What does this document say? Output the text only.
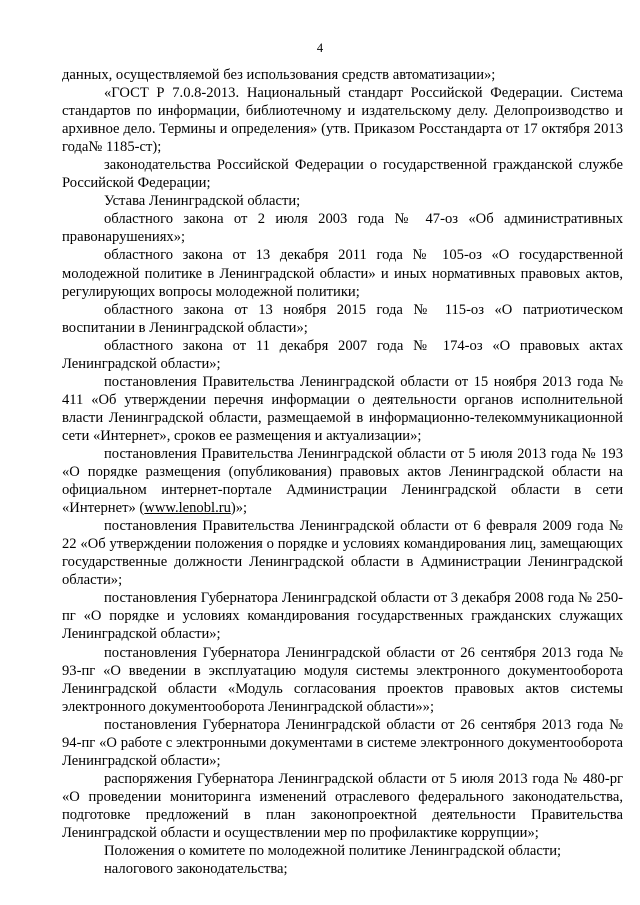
4

данных, осуществляемой без использования средств автоматизации»;

«ГОСТ Р 7.0.8-2013. Национальный стандарт Российской Федерации. Система стандартов по информации, библиотечному и издательскому делу. Делопроизводство и архивное дело. Термины и определения» (утв. Приказом Росстандарта от 17 октября 2013 года№ 1185-ст);

законодательства Российской Федерации о государственной гражданской службе Российской Федерации;

Устава Ленинградской области;

областного закона от 2 июля 2003 года № 47-оз «Об административных правонарушениях»;

областного закона от 13 декабря 2011 года № 105-оз «О государственной молодежной политике в Ленинградской области» и иных нормативных правовых актов, регулирующих вопросы молодежной политики;

областного закона от 13 ноября 2015 года № 115-оз «О патриотическом воспитании в Ленинградской области»;

областного закона от 11 декабря 2007 года № 174-оз «О правовых актах Ленинградской области»;

постановления Правительства Ленинградской области от 15 ноября 2013 года № 411 «Об утверждении перечня информации о деятельности органов исполнительной власти Ленинградской области, размещаемой в информационно-телекоммуникационной сети «Интернет», сроков ее размещения и актуализации»;

постановления Правительства Ленинградской области от 5 июля 2013 года № 193 «О порядке размещения (опубликования) правовых актов Ленинградской области на официальном интернет-портале Администрации Ленинградской области в сети «Интернет» (www.lenobl.ru)»;

постановления Правительства Ленинградской области от 6 февраля 2009 года № 22 «Об утверждении положения о порядке и условиях командирования лиц, замещающих государственные должности Ленинградской области в Администрации Ленинградской области»;

постановления Губернатора Ленинградской области от 3 декабря 2008 года № 250-пг «О порядке и условиях командирования государственных гражданских служащих Ленинградской области»;

постановления Губернатора Ленинградской области от 26 сентября 2013 года № 93-пг «О введении в эксплуатацию модуля системы электронного документооборота Ленинградской области «Модуль согласования проектов правовых актов системы электронного документооборота Ленинградской области»»;

постановления Губернатора Ленинградской области от 26 сентября 2013 года № 94-пг «О работе с электронными документами в системе электронного документооборота Ленинградской области»;

распоряжения Губернатора Ленинградской области от 5 июля 2013 года № 480-рг «О проведении мониторинга изменений отраслевого федерального законодательства, подготовке предложений в план законопроектной деятельности Правительства Ленинградской области и осуществлении мер по профилактике коррупции»;

Положения о комитете по молодежной политике Ленинградской области;

налогового законодательства;
